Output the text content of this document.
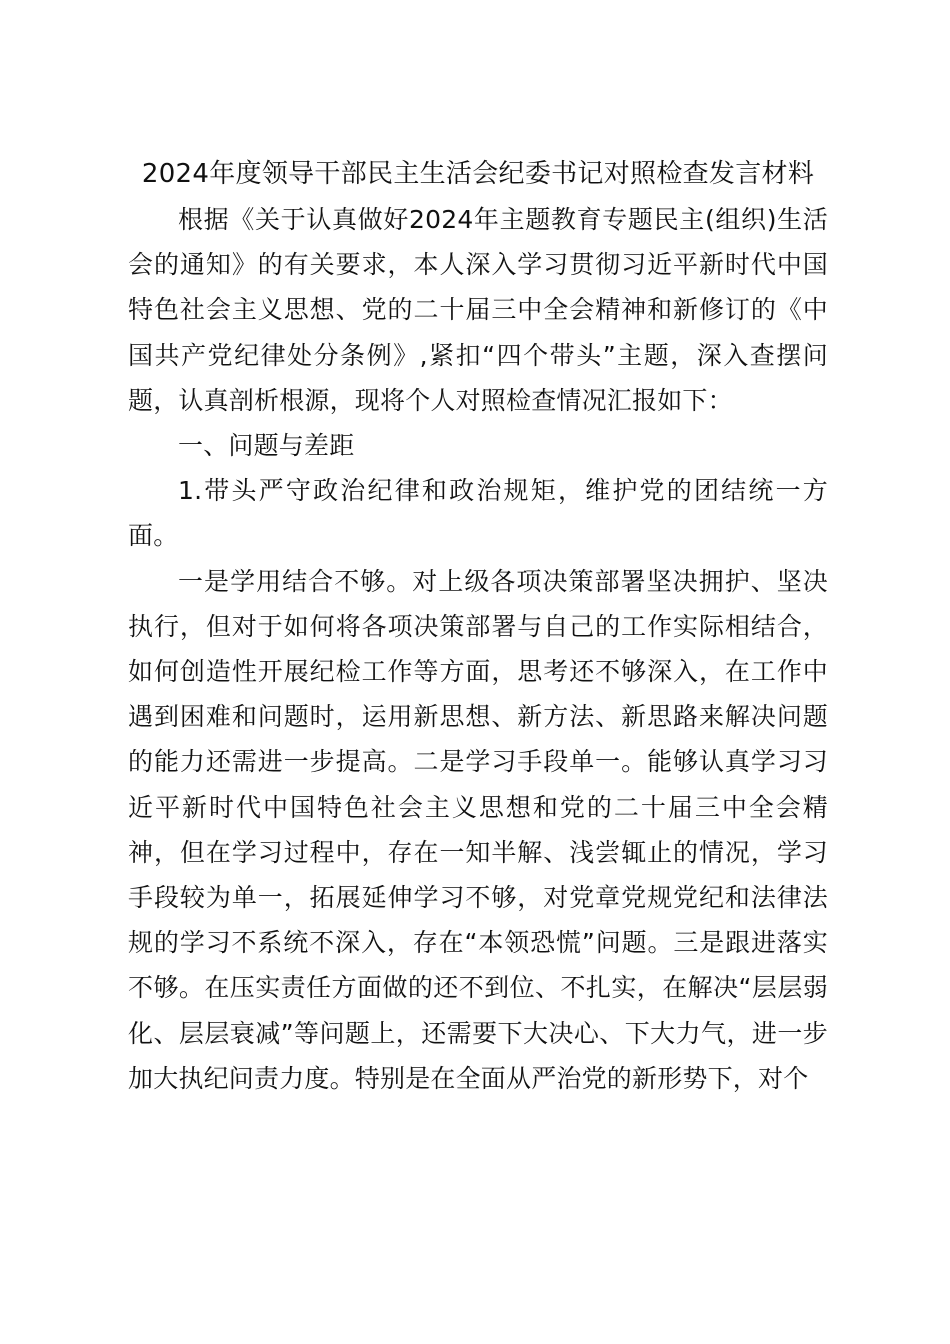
2024年度领导干部民主生活会纪委书记对照检查发言材料

根据《关于认真做好2024年主题教育专题民主(组织)生活会的通知》的有关要求，本人深入学习贯彻习近平新时代中国特色社会主义思想、党的二十届三中全会精神和新修订的《中国共产党纪律处分条例》,紧扣“四个带头”主题，深入查摆问题，认真剖析根源，现将个人对照检查情况汇报如下：

一、问题与差距

1.带头严守政治纪律和政治规矩，维护党的团结统一方面。

一是学用结合不够。对上级各项决策部署坚决拥护、坚决执行，但对于如何将各项决策部署与自己的工作实际相结合，如何创造性开展纪检工作等方面，思考还不够深入，在工作中遇到困难和问题时，运用新思想、新方法、新思路来解决问题的能力还需进一步提高。二是学习手段单一。能够认真学习习近平新时代中国特色社会主义思想和党的二十届三中全会精神，但在学习过程中，存在一知半解、浅尝辄止的情况，学习手段较为单一，拓展延伸学习不够，对党章党规党纪和法律法规的学习不系统不深入，存在“本领恐慌”问题。三是跟进落实不够。在压实责任方面做的还不到位、不扎实，在解决“层层弱化、层层衰减”等问题上，还需要下大决心、下大力气，进一步加大执纪问责力度。特别是在全面从严治党的新形势下，对个
